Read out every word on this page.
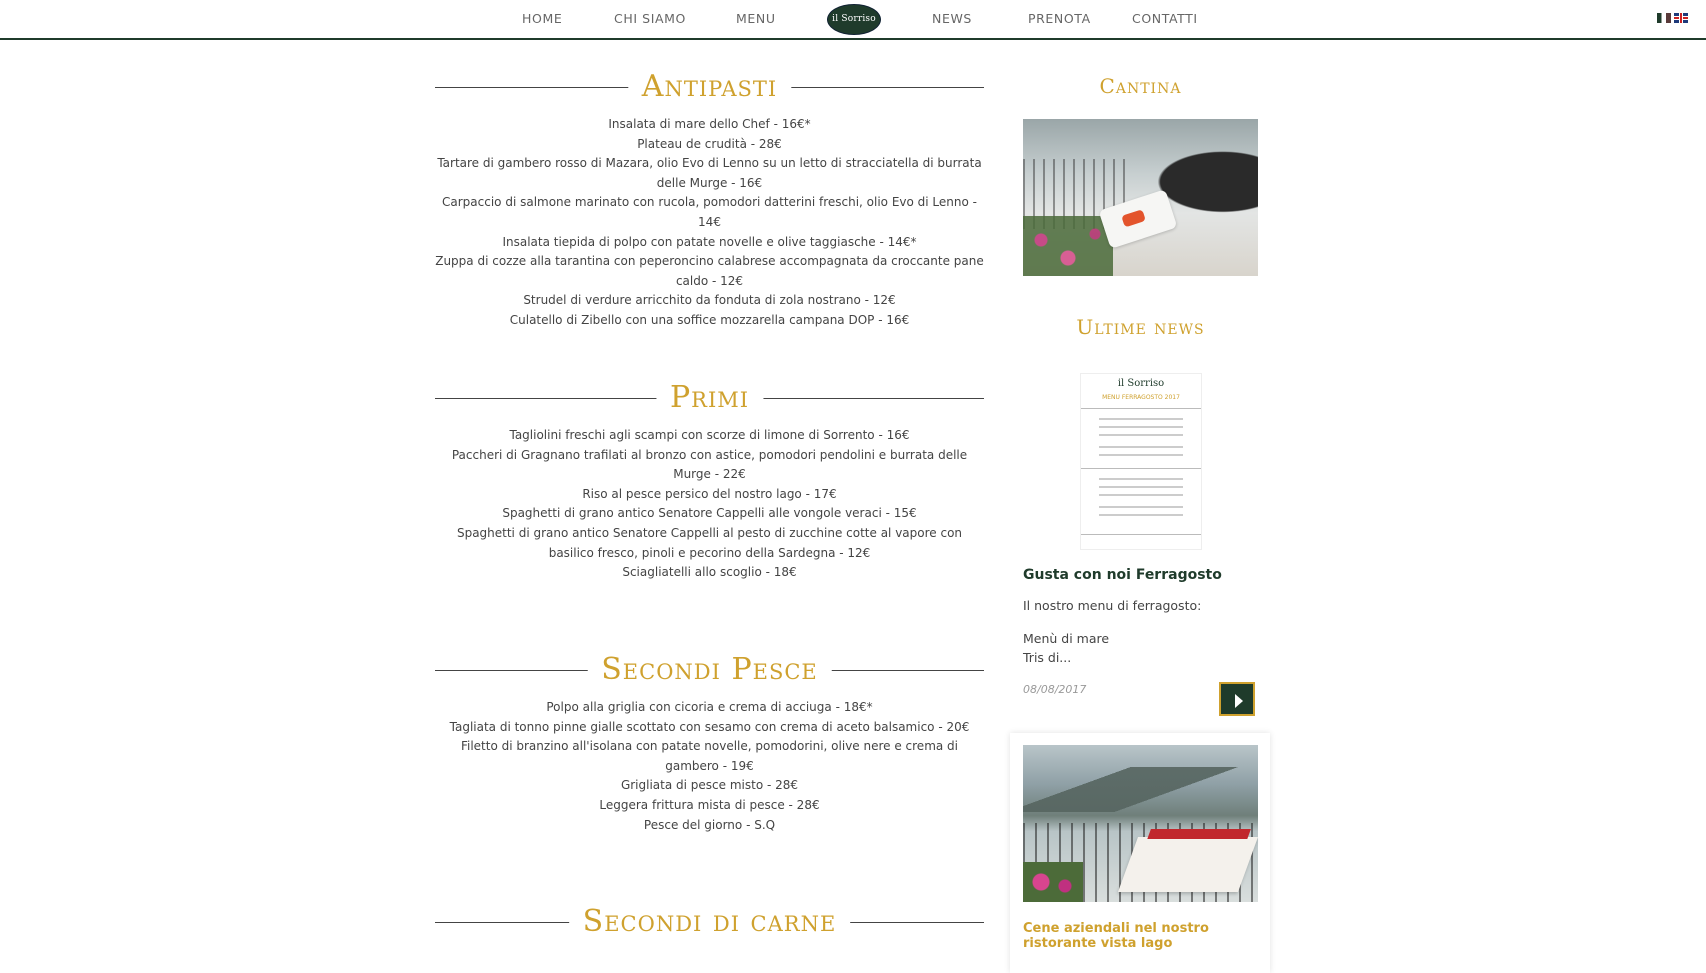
HOME	CHI SIAMO	MENU	il Sorriso	NEWS	PRENOTA	CONTATTI
Antipasti
Insalata di mare dello Chef - 16€*
Plateau de crudità - 28€
Tartare di gambero rosso di Mazara, olio Evo di Lenno su un letto di stracciatella di burrata delle Murge - 16€
Carpaccio di salmone marinato con rucola, pomodori datterini freschi, olio Evo di Lenno - 14€
Insalata tiepida di polpo con patate novelle e olive taggiasche - 14€*
Zuppa di cozze alla tarantina con peperoncino calabrese accompagnata da croccante pane caldo - 12€
Strudel di verdure arricchito da fonduta di zola nostrano - 12€
Culatello di Zibello con una soffice mozzarella campana DOP - 16€
Primi
Tagliolini freschi agli scampi con scorze di limone di Sorrento - 16€
Paccheri di Gragnano trafilati al bronzo con astice, pomodori pendolini e burrata delle Murge - 22€
Riso al pesce persico del nostro lago - 17€
Spaghetti di grano antico Senatore Cappelli alle vongole veraci - 15€
Spaghetti di grano antico Senatore Cappelli al pesto di zucchine cotte al vapore con basilico fresco, pinoli e pecorino della Sardegna - 12€
Sciagliatelli allo scoglio - 18€
Secondi Pesce
Polpo alla griglia con cicoria e crema di acciuga - 18€*
Tagliata di tonno pinne gialle scottato con sesamo con crema di aceto balsamico - 20€
Filetto di branzino all'isolana con patate novelle, pomodorini, olive nere e crema di gambero - 19€
Grigliata di pesce misto - 28€
Leggera frittura mista di pesce - 28€
Pesce del giorno - S.Q
Secondi di carne
Cantina
Ultime news
il Sorriso
MENU FERRAGOSTO 2017
Gusta con noi Ferragosto
Il nostro menu di ferragosto:
Menù di mare
Tris di...
08/08/2017
Cene aziendali nel nostro ristorante vista lago
